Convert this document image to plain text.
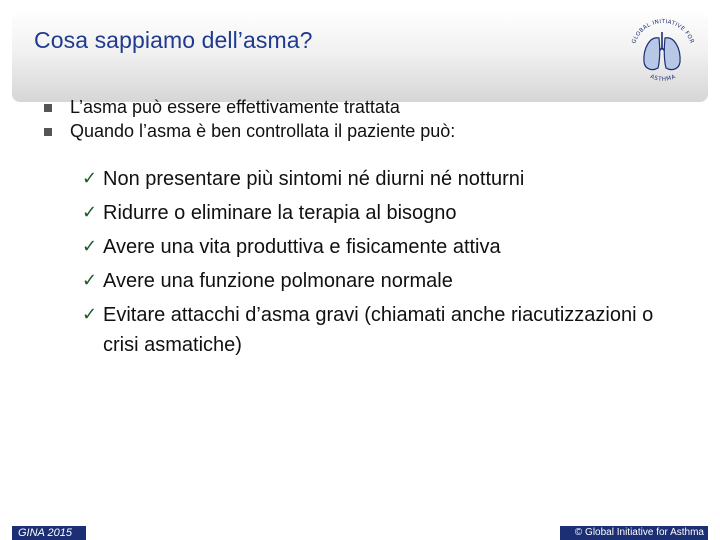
Cosa sappiamo dell’asma?	GLOBAL INITIATIVE FOR
ASTHMA
L’asma può essere effettivamente trattata
Quando l’asma è ben controllata il paziente può:
✓ Non presentare più sintomi né diurni né notturni
✓ Ridurre o eliminare la terapia al bisogno
✓ Avere una vita produttiva e fisicamente attiva
✓ Avere una funzione polmonare normale
✓ Evitare attacchi d’asma gravi (chiamati anche riacutizzazioni o crisi asmatiche)
GINA 2015	© Global Initiative for Asthma
